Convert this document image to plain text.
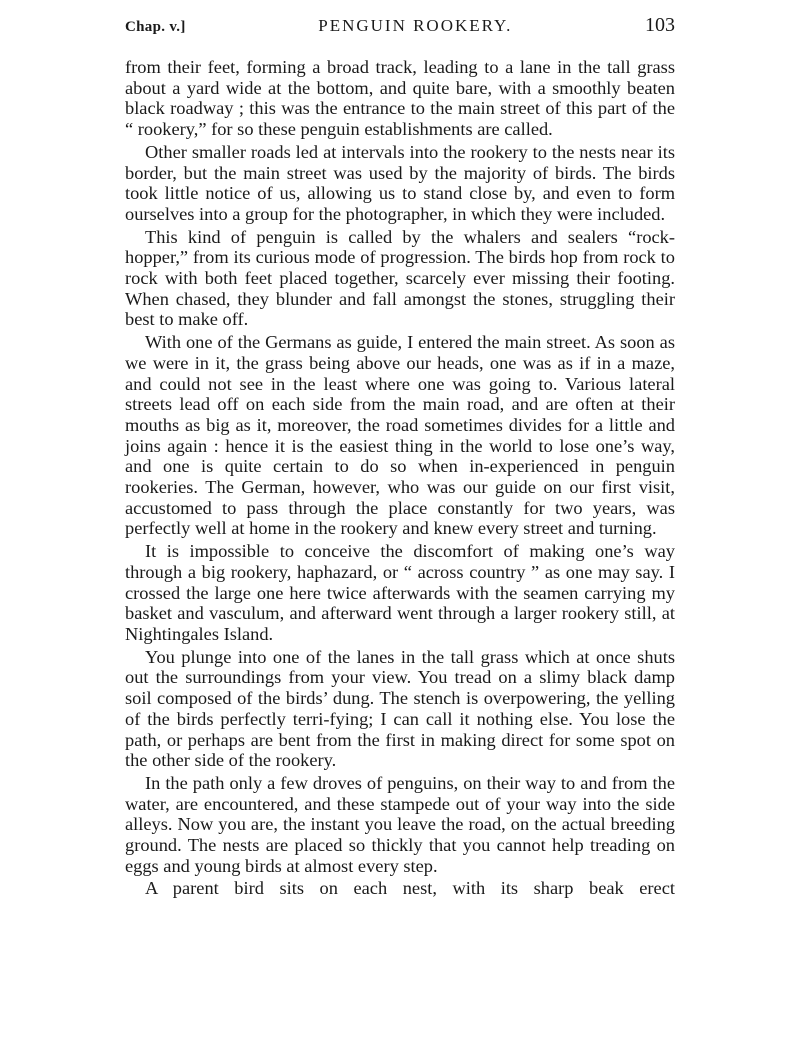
Chap. v.]	PENGUIN ROOKERY.	103

from their feet, forming a broad track, leading to a lane in the tall grass about a yard wide at the bottom, and quite bare, with a smoothly beaten black roadway ; this was the entrance to the main street of this part of the “ rookery,” for so these penguin establishments are called.

Other smaller roads led at intervals into the rookery to the nests near its border, but the main street was used by the majority of birds. The birds took little notice of us, allowing us to stand close by, and even to form ourselves into a group for the photographer, in which they were included.

This kind of penguin is called by the whalers and sealers “rock-hopper,” from its curious mode of progression. The birds hop from rock to rock with both feet placed together, scarcely ever missing their footing. When chased, they blunder and fall amongst the stones, struggling their best to make off.

With one of the Germans as guide, I entered the main street. As soon as we were in it, the grass being above our heads, one was as if in a maze, and could not see in the least where one was going to. Various lateral streets lead off on each side from the main road, and are often at their mouths as big as it, moreover, the road sometimes divides for a little and joins again : hence it is the easiest thing in the world to lose one’s way, and one is quite certain to do so when in-experienced in penguin rookeries. The German, however, who was our guide on our first visit, accustomed to pass through the place constantly for two years, was perfectly well at home in the rookery and knew every street and turning.

It is impossible to conceive the discomfort of making one’s way through a big rookery, haphazard, or “ across country ” as one may say. I crossed the large one here twice afterwards with the seamen carrying my basket and vasculum, and afterward went through a larger rookery still, at Nightingales Island.

You plunge into one of the lanes in the tall grass which at once shuts out the surroundings from your view. You tread on a slimy black damp soil composed of the birds’ dung. The stench is overpowering, the yelling of the birds perfectly terri-fying; I can call it nothing else. You lose the path, or perhaps are bent from the first in making direct for some spot on the other side of the rookery.

In the path only a few droves of penguins, on their way to and from the water, are encountered, and these stampede out of your way into the side alleys. Now you are, the instant you leave the road, on the actual breeding ground. The nests are placed so thickly that you cannot help treading on eggs and young birds at almost every step.

A parent bird sits on each nest, with its sharp beak erect
